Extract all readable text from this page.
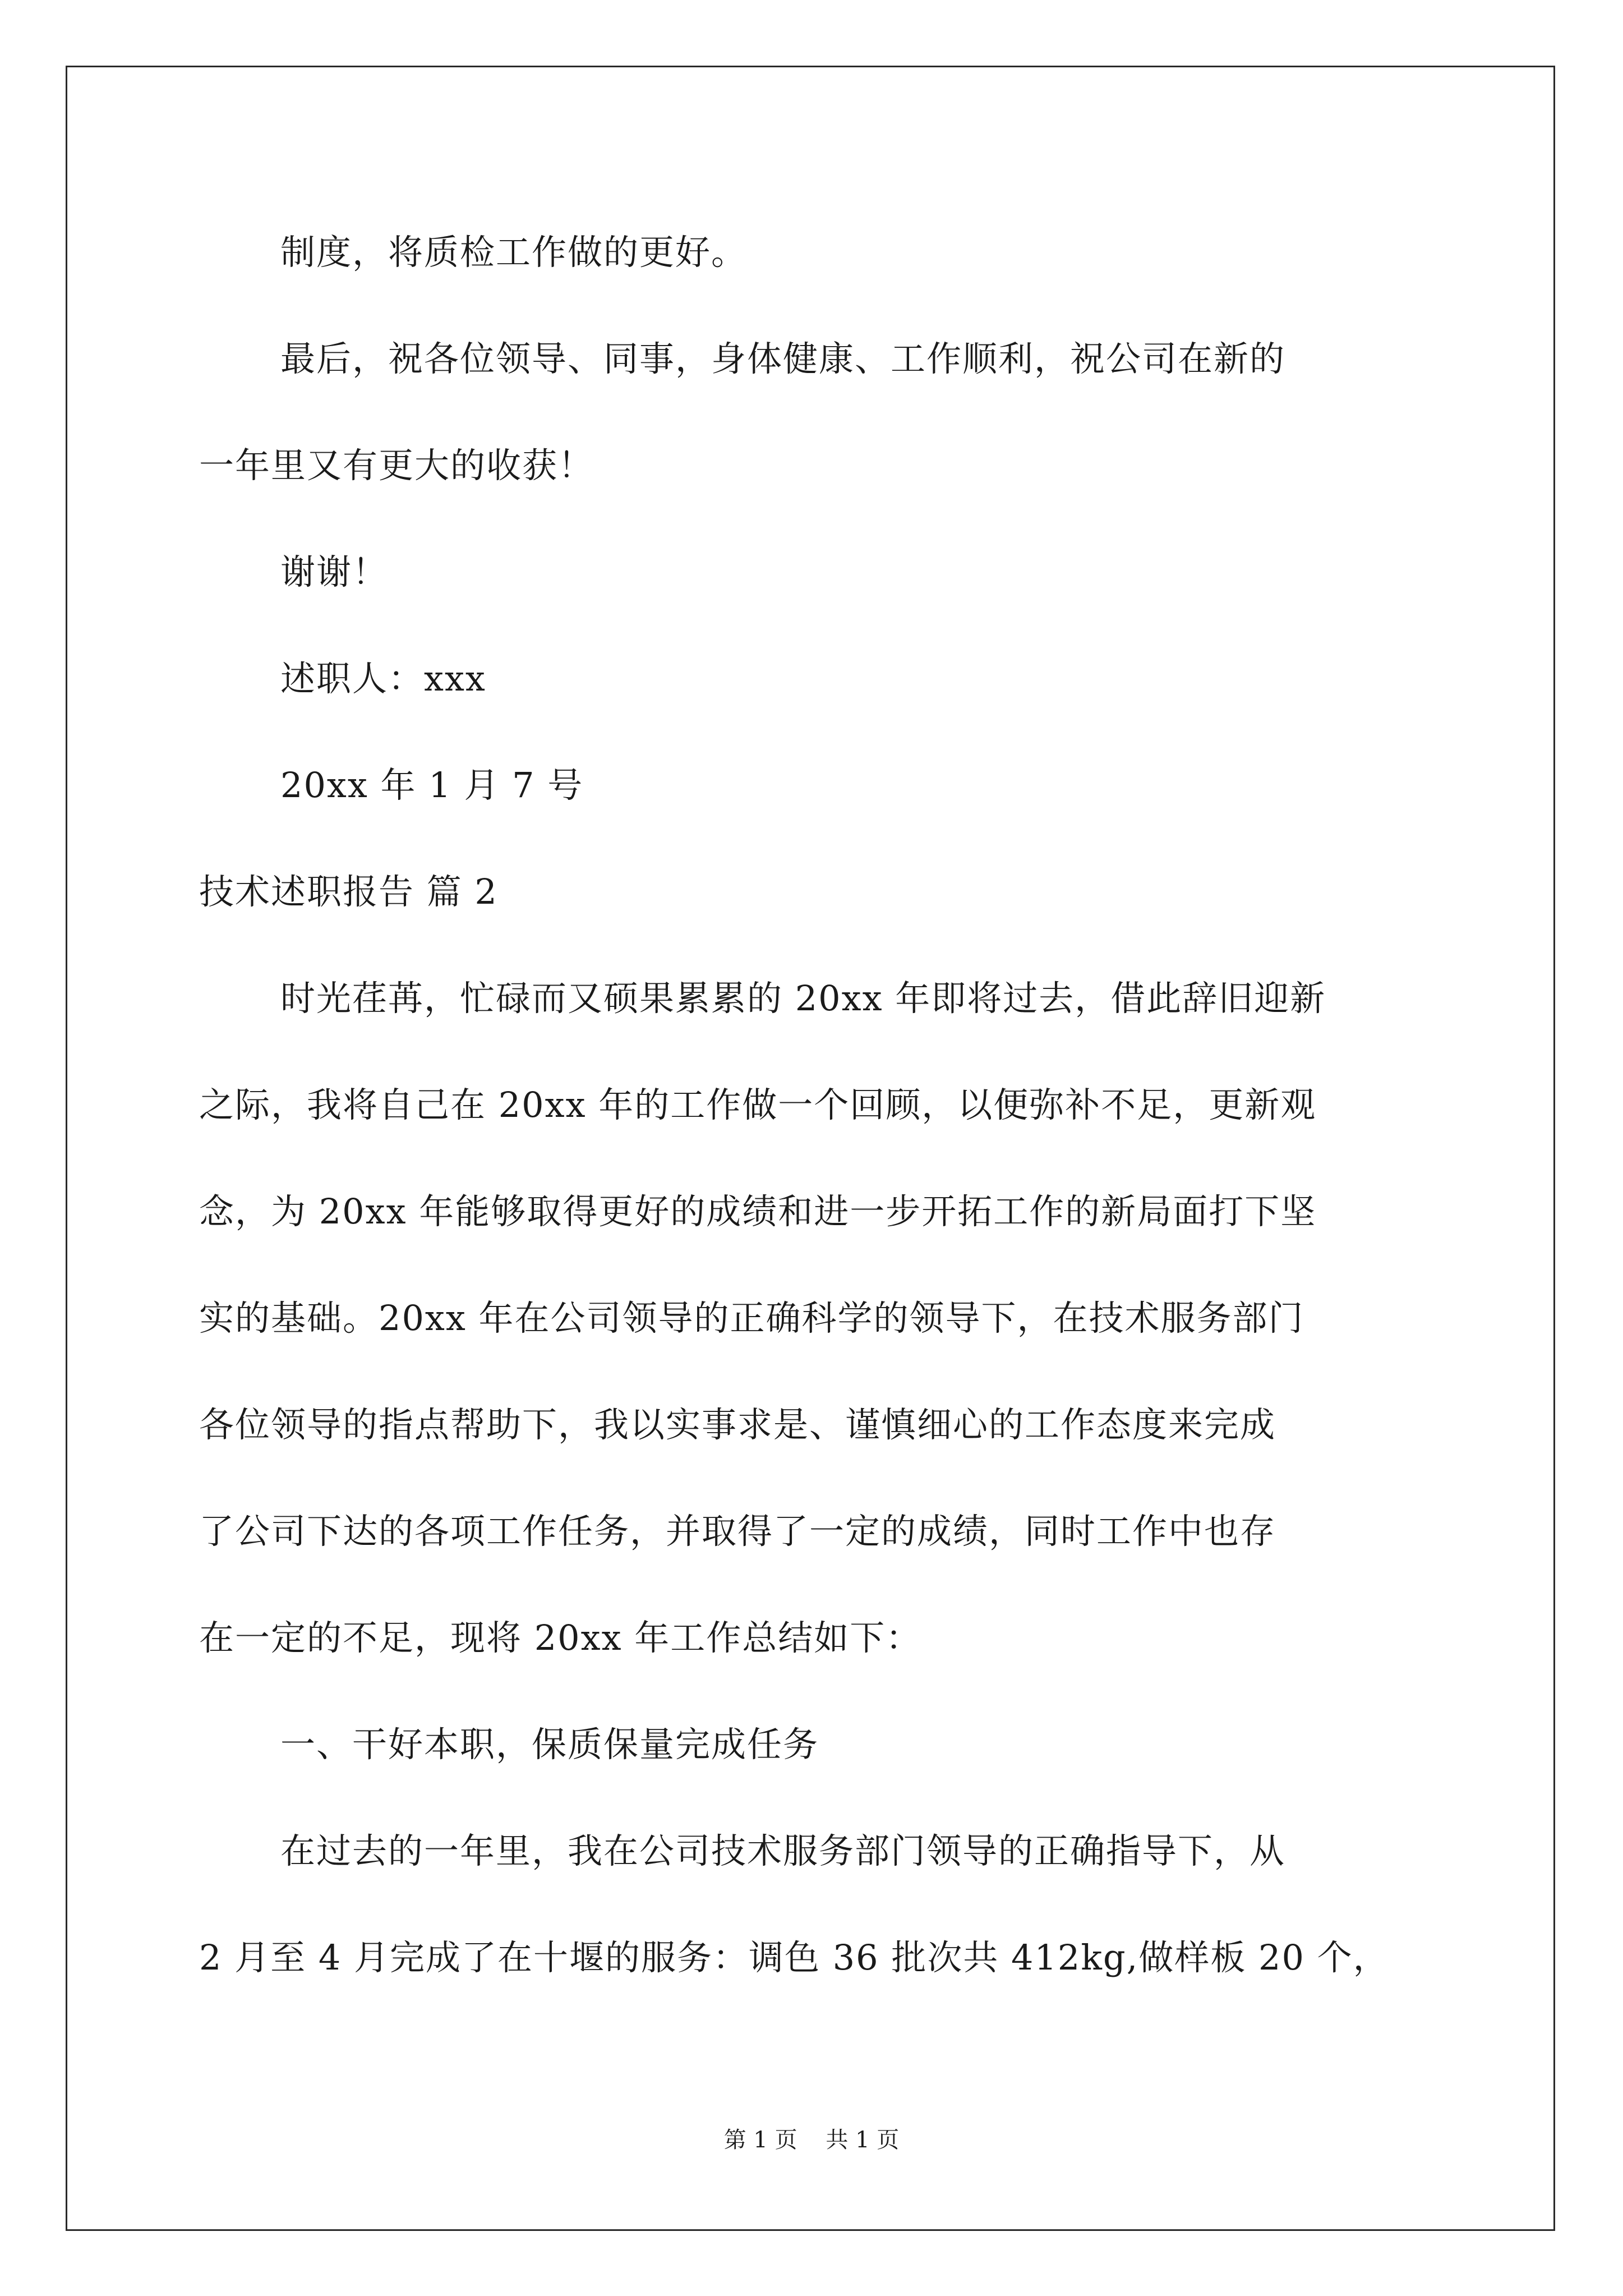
制度，将质检工作做的更好。
最后，祝各位领导、同事，身体健康、工作顺利，祝公司在新的
一年里又有更大的收获！
谢谢！
述职人：xxx
20xx 年 1 月 7 号
技术述职报告 篇 2
时光荏苒，忙碌而又硕果累累的 20xx 年即将过去，借此辞旧迎新
之际，我将自己在 20xx 年的工作做一个回顾，以便弥补不足，更新观
念，为 20xx 年能够取得更好的成绩和进一步开拓工作的新局面打下坚
实的基础。20xx 年在公司领导的正确科学的领导下，在技术服务部门
各位领导的指点帮助下，我以实事求是、谨慎细心的工作态度来完成
了公司下达的各项工作任务，并取得了一定的成绩，同时工作中也存
在一定的不足，现将 20xx 年工作总结如下：
一、干好本职，保质保量完成任务
在过去的一年里，我在公司技术服务部门领导的正确指导下，从
2 月至 4 月完成了在十堰的服务：调色 36 批次共 412kg,做样板 20 个，
第 1 页    共 1 页
